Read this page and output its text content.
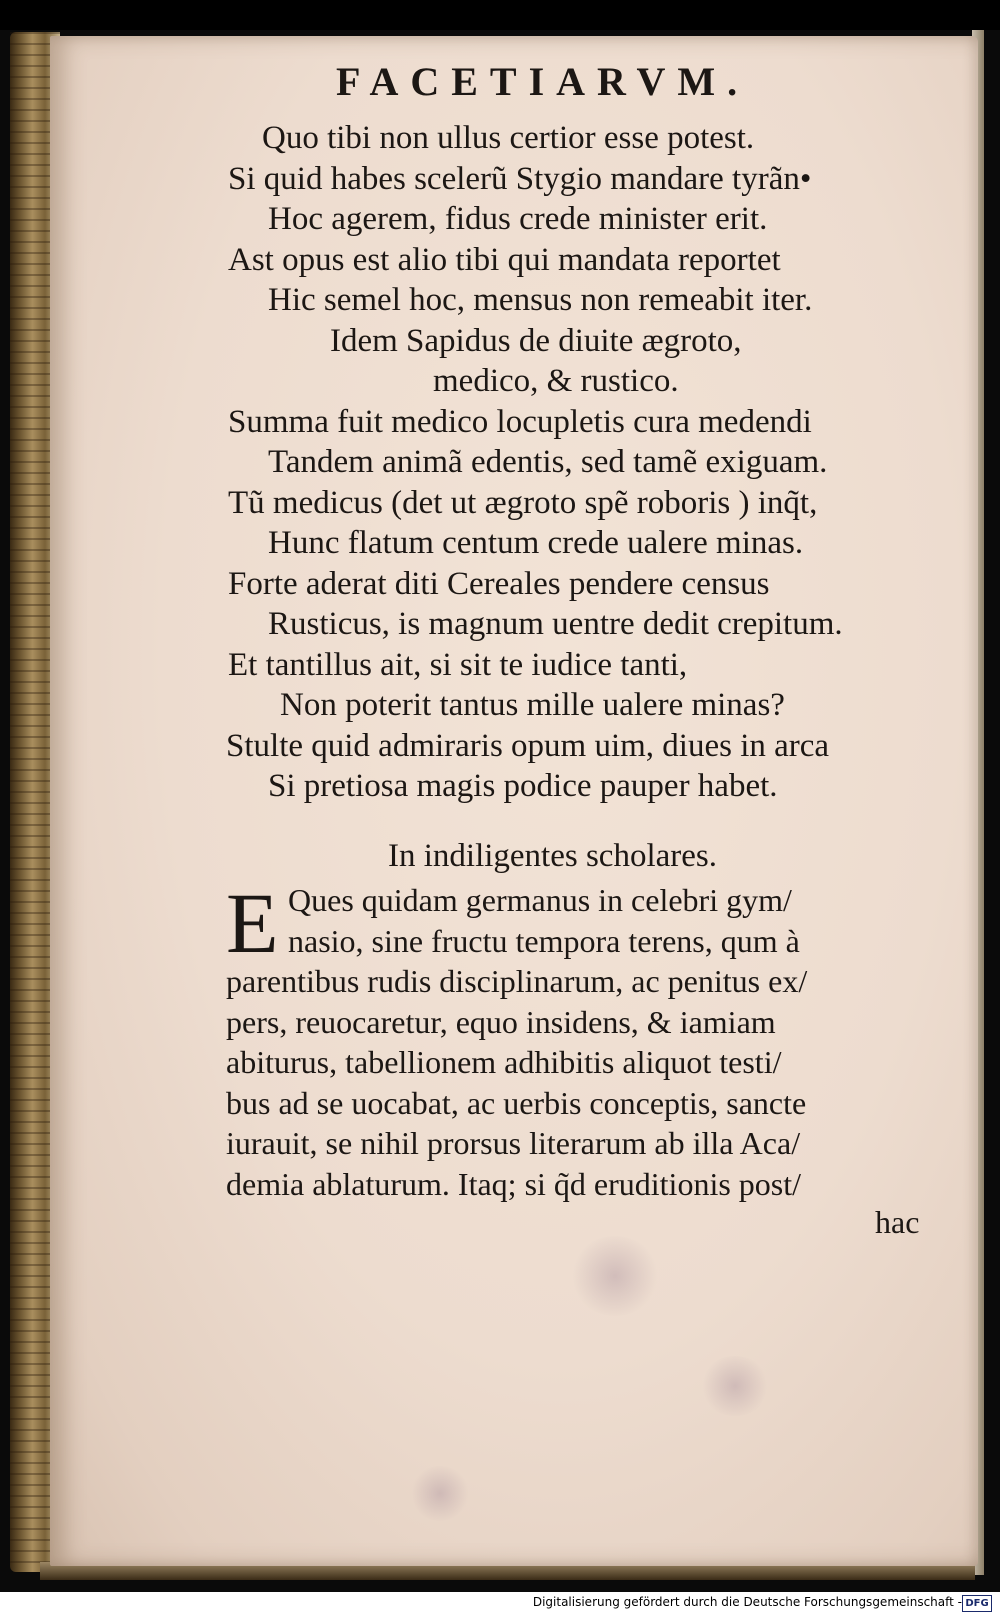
FACETIARVM.
Quo tibi non ullus certior esse potest.
Si quid habes scelerũ Stygio mandare tyrãn•
Hoc agerem, fidus crede minister erit.
Ast opus est alio tibi qui mandata reportet
Hic semel hoc, mensus non remeabit iter.
Idem Sapidus de diuite ægroto,
medico, & rustico.
Summa fuit medico locupletis cura medendi
Tandem animã edentis, sed tamẽ exiguam.
Tũ medicus (det ut ægroto spẽ roboris ) inq̃t,
Hunc flatum centum crede ualere minas.
Forte aderat diti Cereales pendere census
Rusticus, is magnum uentre dedit crepitum.
Et tantillus ait, si sit te iudice tanti,
Non poterit tantus mille ualere minas?
Stulte quid admiraris opum uim, diues in arca
Si pretiosa magis podice pauper habet.
In indiligentes scholares.
E Ques quidam germanus in celebri gym/
nasio, sine fructu tempora terens, qum à
parentibus rudis disciplinarum, ac penitus ex/
pers, reuocaretur, equo insidens, & iamiam
abiturus, tabellionem adhibitis aliquot testi/
bus ad se uocabat, ac uerbis conceptis, sancte
iurauit, se nihil prorsus literarum ab illa Aca/
demia ablaturum. Itaq; si q̃d eruditionis post/
hac
Digitalisierung gefördert durch die Deutsche Forschungsgemeinschaft - DFG
